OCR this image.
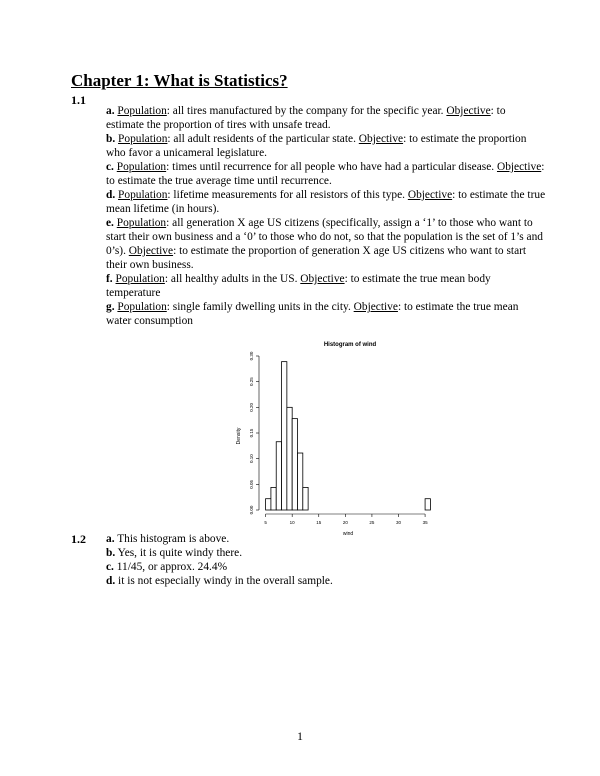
Chapter 1: What is Statistics?
1.1

a. Population: all tires manufactured by the company for the specific year. Objective: to estimate the proportion of tires with unsafe tread.

b. Population: all adult residents of the particular state. Objective: to estimate the proportion who favor a unicameral legislature.

c. Population: times until recurrence for all people who have had a particular disease. Objective: to estimate the true average time until recurrence.

d. Population: lifetime measurements for all resistors of this type. Objective: to estimate the true mean lifetime (in hours).

e. Population: all generation X age US citizens (specifically, assign a ‘1’ to those who want to start their own business and a ‘0’ to those who do not, so that the population is the set of 1’s and 0’s). Objective: to estimate the proportion of generation X age US citizens who want to start their own business.

f. Population: all healthy adults in the US. Objective: to estimate the true mean body temperature

g. Population: single family dwelling units in the city. Objective: to estimate the true mean water consumption

Histogram of wind
Density
wind
0.00
0.05
0.10
0.15
0.20
0.25
0.30
5	10	15	20	25	30	35
1.2 a. This histogram is above.

b. Yes, it is quite windy there.

c. 11/45, or approx. 24.4%

d. it is not especially windy in the overall sample.

1
